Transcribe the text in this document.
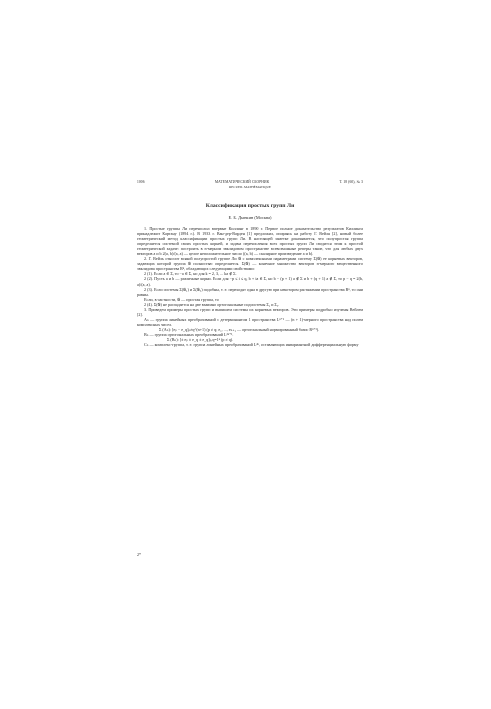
1006	МАТЕМАТИЧЕСКИЙ СБОРНИК	Т. 18 (60), № 3
RECUEIL MATHÉMATIQUE
Классификация простых групп Ли
Е. Б. Дынкин (Москва)

1. Простые группы Ли перечислил впервые Киллинг в 1890 г. Первое полное доказательство результатов Киллинга принадлежит Картану (1894 г.). В 1933 г. Ван-дер-Варден [1] предложил, опираясь на работу Г. Вейля [2], новый более геометрический метод классификации простых групп Ли. В настоящей заметке доказывается, что полупростая группа определяется системой своих простых корней, и задача перечисления всех простых групп Ли сводится этим к простой геометрической задаче: построить в n-мерном эвклидовом пространстве всевозможные реперы такие, что для любых двух векторов a и b 2(a, b)/(a, a) — целое неположительное число ((a, b) — скалярное произведение a и b).

2. Г. Вейль относит всякой полупростой группе Ли 𝔊 с комплексными параметрами систему Σ(𝔊) ее корневых векторов, задающих которой группа 𝔊 полностью определяется. Σ(𝔊) — конечное множество векторов n-мерного вещественного эвклидова пространства Rⁿ, обладающих следующими свойствами:

2 (1). Если a ∈ Σ, то −a ∈ Σ, но для k = 2, 3, ... ka ∉ Σ.

2 (2). Пусть a и b — различные корни. Если для −p ≤ i ≤ q, b + ia ∈ Σ, но b − (p + 1) a ∉ Σ и b + (q + 1) a ∉ Σ, то p − q = 2(b, a)/(a, a).

2 (3). Если системы Σ(𝔊₁) и Σ(𝔊₂) подобны, т. е. переходят одна в другую при некотором растяжении пространства Rⁿ, то они равны.

Если, в частности, 𝔊 — простая группа, то

2 (4). Σ(𝔊) не распадается на две взаимно ортогональные подсистемы Σ₁ и Σ₂.

3. Приведем примеры простых групп и выпишем системы их корневых векторов. Эти примеры подробно изучены Вейлем [2].

Aₙ — группа линейных преобразований с детерминантом 1 пространства Lⁿ⁺¹ — (n + 1)-мерного пространства над полем комплексных чисел.

Σ (Aₙ): [eₚ − e_q]ₚ≠q^(n+1) (p ≠ q; e₁, ..., eₙ₊₁ — ортогональный нормированный базис Rⁿ⁺¹).

Bₙ — группа ортогональных преобразований L²ⁿ⁺¹.

Σ (Bₙ): [± eₚ ± e_q ± e_q]ₚ,q=1ⁿ (p ≠ q).

Cₙ — комплекс-группа, т. е. группа линейных преобразований L²ⁿ, оставляющих инвариантной дифференциальную форму

2*
